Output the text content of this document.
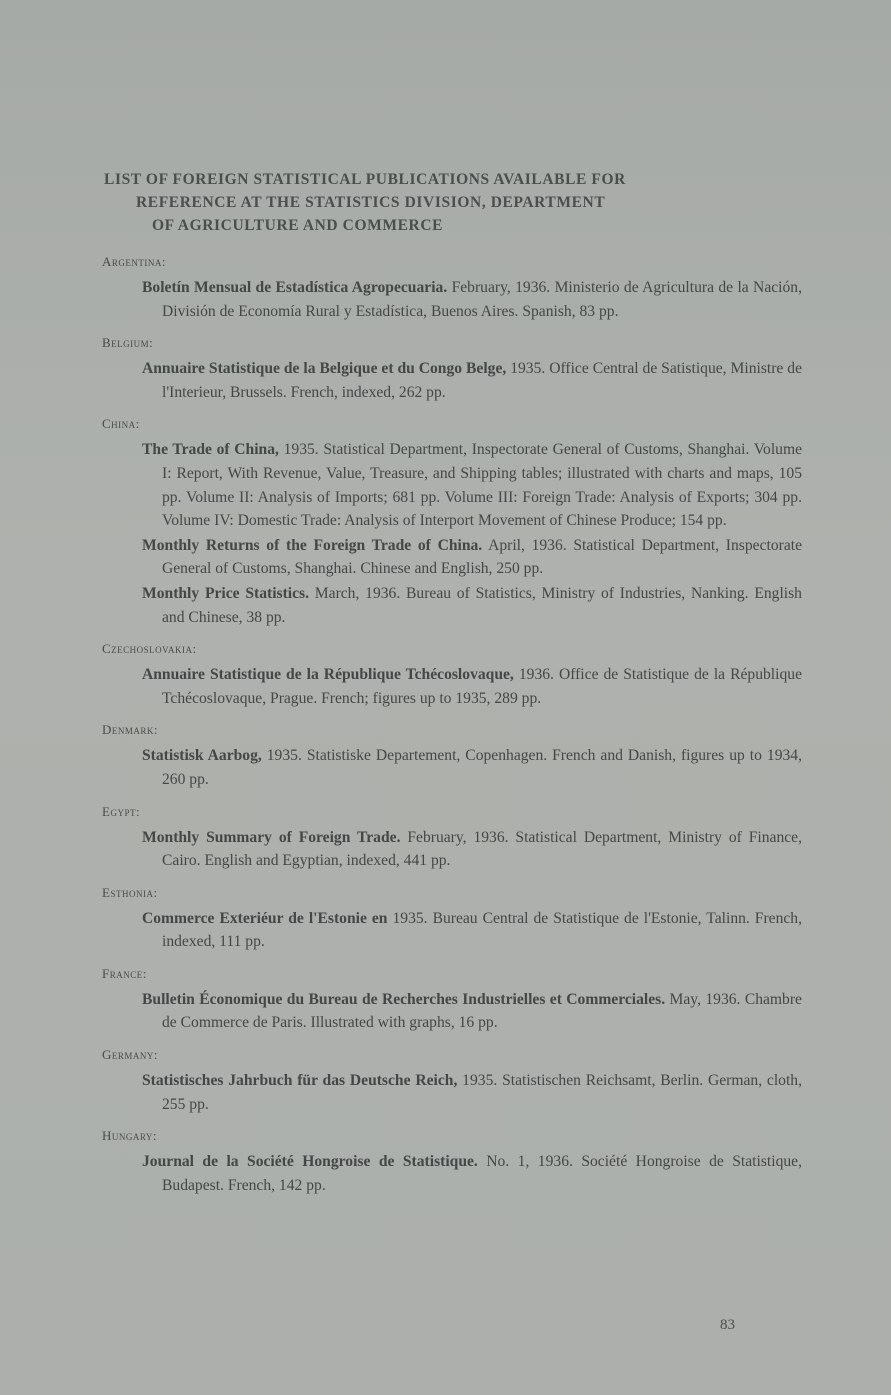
LIST OF FOREIGN STATISTICAL PUBLICATIONS AVAILABLE FOR
REFERENCE AT THE STATISTICS DIVISION, DEPARTMENT
OF AGRICULTURE AND COMMERCE
Argentina:

Boletín Mensual de Estadística Agropecuaria. February, 1936. Ministerio de Agricultura de la Nación, División de Economía Rural y Estadística, Buenos Aires. Spanish, 83 pp.

Belgium:

Annuaire Statistique de la Belgique et du Congo Belge, 1935. Office Central de Satistique, Ministre de l'Interieur, Brussels. French, indexed, 262 pp.

China:

The Trade of China, 1935. Statistical Department, Inspectorate General of Customs, Shanghai. Volume I: Report, With Revenue, Value, Treasure, and Shipping tables; illustrated with charts and maps, 105 pp. Volume II: Analysis of Imports; 681 pp. Volume III: Foreign Trade: Analysis of Exports; 304 pp. Volume IV: Domestic Trade: Analysis of Interport Movement of Chinese Produce; 154 pp.

Monthly Returns of the Foreign Trade of China. April, 1936. Statistical Department, Inspectorate General of Customs, Shanghai. Chinese and English, 250 pp.

Monthly Price Statistics. March, 1936. Bureau of Statistics, Ministry of Industries, Nanking. English and Chinese, 38 pp.

Czechoslovakia:

Annuaire Statistique de la République Tchécoslovaque, 1936. Office de Statistique de la République Tchécoslovaque, Prague. French; figures up to 1935, 289 pp.

Denmark:

Statistisk Aarbog, 1935. Statistiske Departement, Copenhagen. French and Danish, figures up to 1934, 260 pp.

Egypt:

Monthly Summary of Foreign Trade. February, 1936. Statistical Department, Ministry of Finance, Cairo. English and Egyptian, indexed, 441 pp.

Esthonia:

Commerce Exteriéur de l'Estonie en 1935. Bureau Central de Statistique de l'Estonie, Talinn. French, indexed, 111 pp.

France:

Bulletin Économique du Bureau de Recherches Industrielles et Commerciales. May, 1936. Chambre de Commerce de Paris. Illustrated with graphs, 16 pp.

Germany:

Statistisches Jahrbuch für das Deutsche Reich, 1935. Statistischen Reichsamt, Berlin. German, cloth, 255 pp.

Hungary:

Journal de la Société Hongroise de Statistique. No. 1, 1936. Société Hongroise de Statistique, Budapest. French, 142 pp.

83
